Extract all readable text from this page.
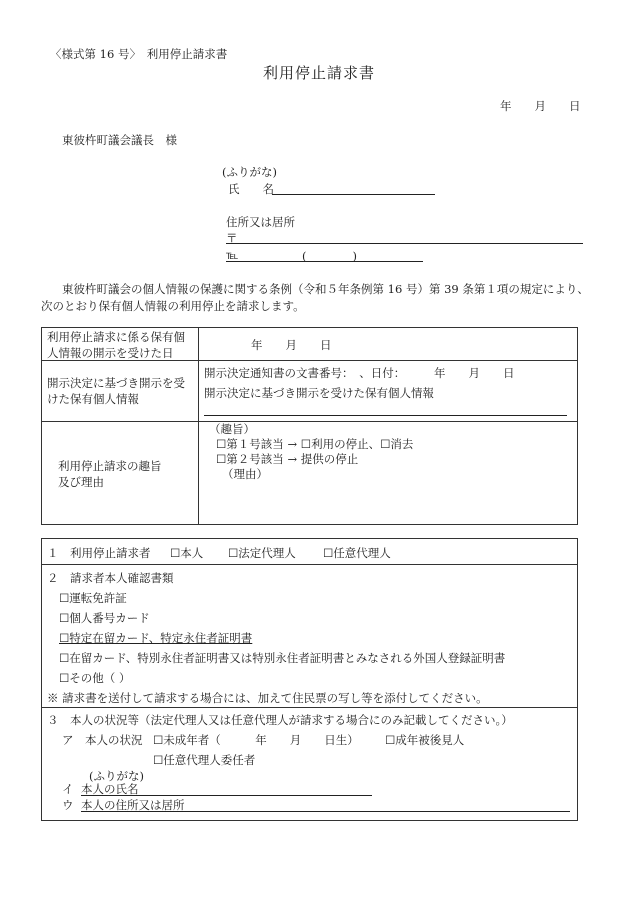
〈様式第 16 号〉　利用停止請求書
利用停止請求書
年　　月　　日
東彼杵町議会議長　様
(ふりがな)
氏　　名
住所又は居所
〒
℡	(　　　　)
東彼杵町議会の個人情報の保護に関する条例（令和５年条例第 16 号）第 39 条第１項の規定により、
次のとおり保有個人情報の利用停止を請求します。
利用停止請求に係る保有個
人情報の開示を受けた日
年　　月　　日
開示決定に基づき開示を受
けた保有個人情報
開示決定通知書の文書番号：　、日付：　　　年　　月　　日
開示決定に基づき開示を受けた保有個人情報
利用停止請求の趣旨
及び理由
（趣旨）
☐第１号該当 → ☐利用の停止、☐消去
☐第２号該当 → 提供の停止
（理由）
１　利用停止請求者 ☐本人 ☐法定代理人 ☐任意代理人
２　請求者本人確認書類
☐運転免許証
☐個人番号カード
☐特定在留カード、特定永住者証明書
☐在留カード、特別永住者証明書又は特別永住者証明書とみなされる外国人登録証明書
☐その他（ ）
※ 請求書を送付して請求する場合には、加えて住民票の写し等を添付してください。
３　本人の状況等（法定代理人又は任意代理人が請求する場合にのみ記載してください。）
ア　本人の状況 ☐未成年者（　　　年　　月　　日生） ☐成年被後見人
☐任意代理人委任者
(ふりがな)
イ 本人の氏名
ウ 本人の住所又は居所
